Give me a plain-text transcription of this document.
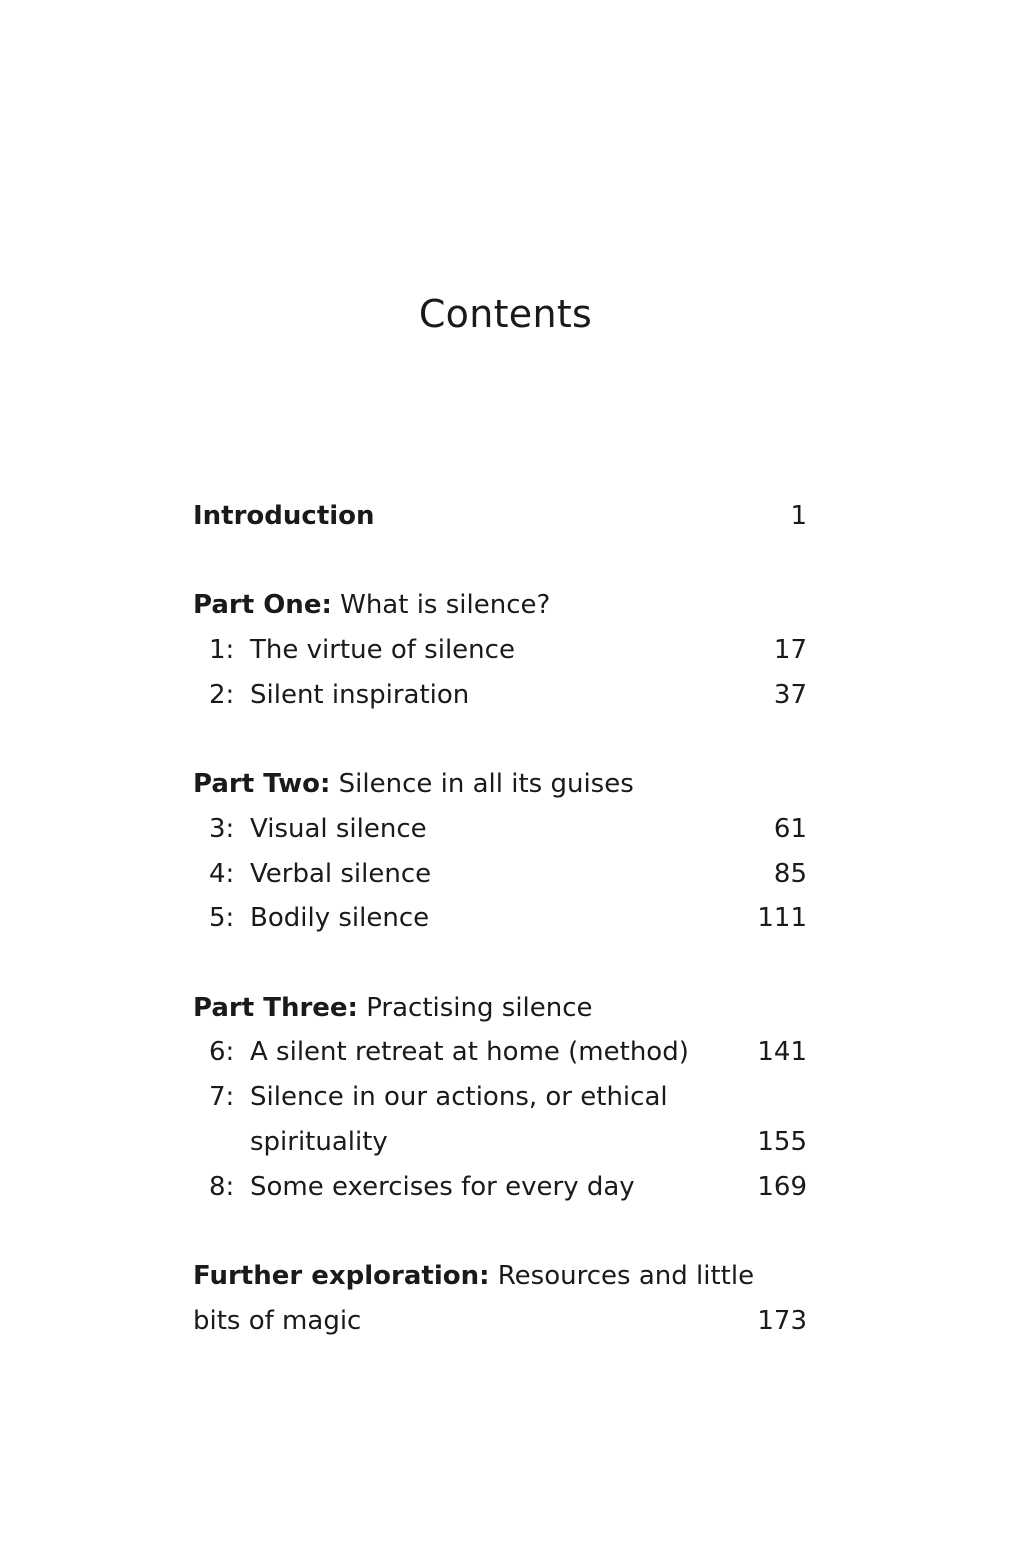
Contents
Introduction	1
Part One: What is silence?
1: The virtue of silence	17
2: Silent inspiration	37
Part Two: Silence in all its guises
3: Visual silence	61
4: Verbal silence	85
5: Bodily silence	111
Part Three: Practising silence
6: A silent retreat at home (method)	141
7: Silence in our actions, or ethical
spirituality	155
8: Some exercises for every day	169
Further exploration: Resources and little
bits of magic	173
